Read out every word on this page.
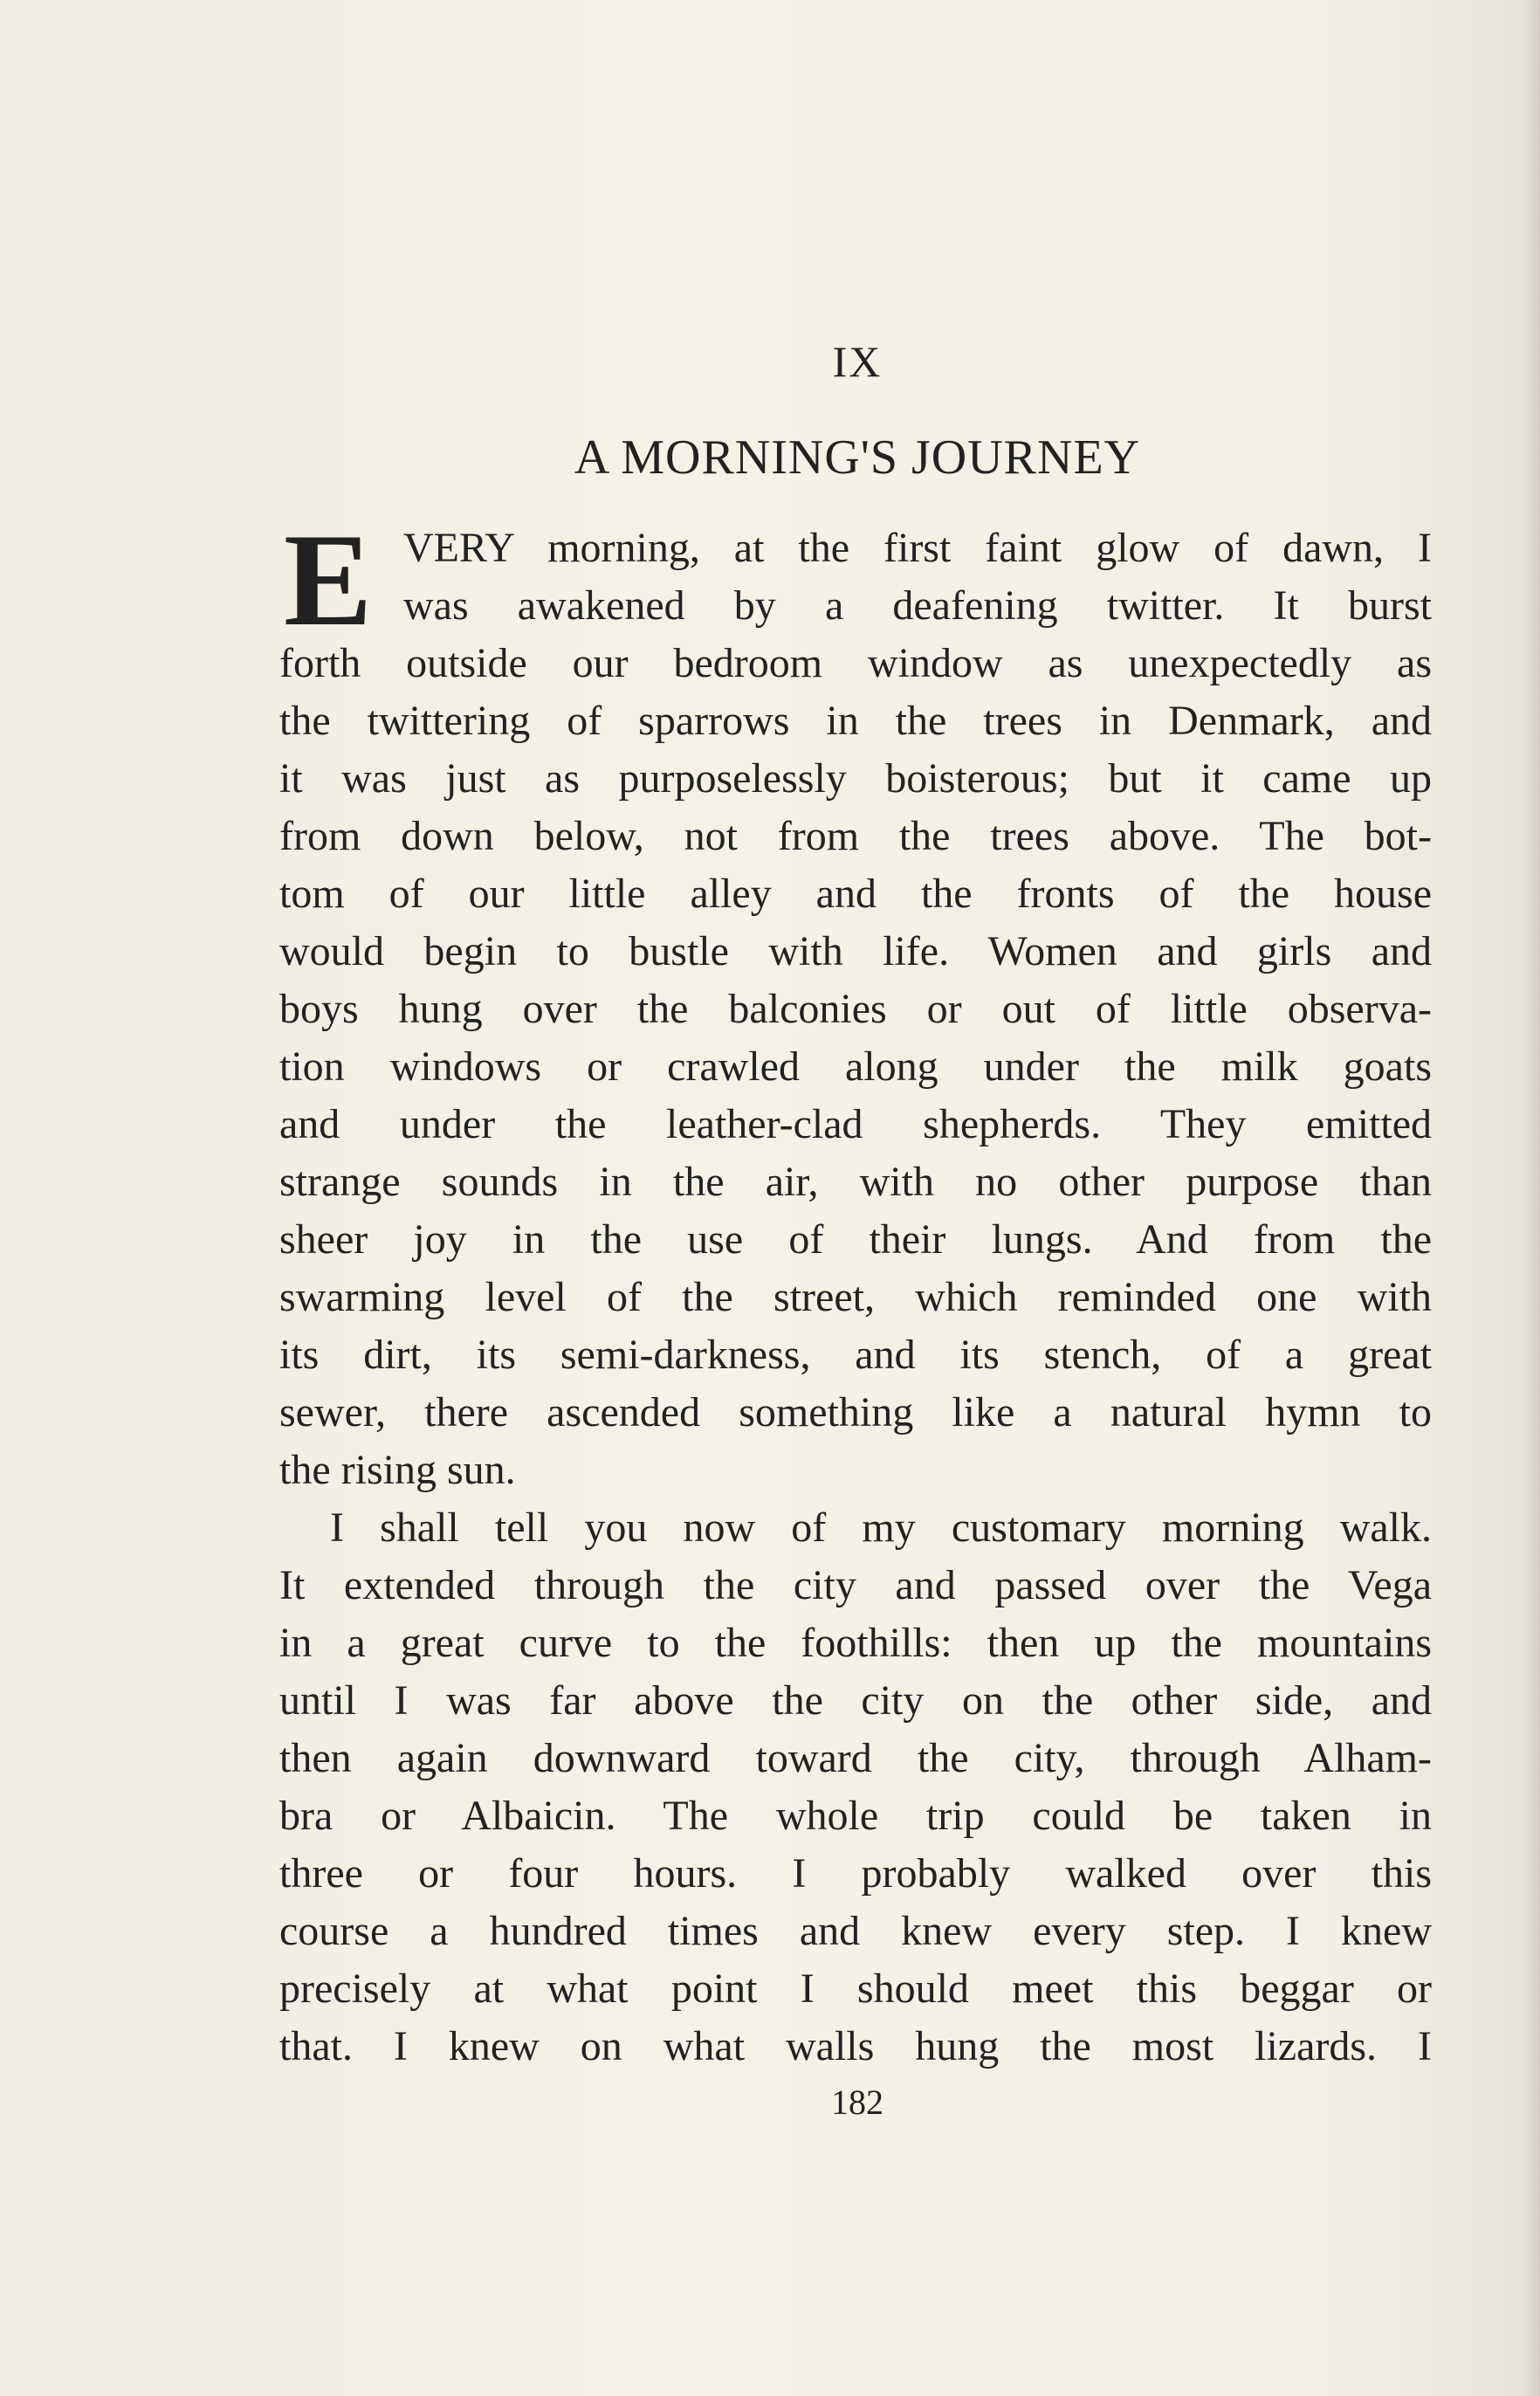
IX
A MORNING'S JOURNEY
E VERY morning, at the first faint glow of dawn, I
was awakened by a deafening twitter. It burst
forth outside our bedroom window as unexpectedly as
the twittering of sparrows in the trees in Denmark, and
it was just as purposelessly boisterous; but it came up
from down below, not from the trees above. The bot-
tom of our little alley and the fronts of the house
would begin to bustle with life. Women and girls and
boys hung over the balconies or out of little observa-
tion windows or crawled along under the milk goats
and under the leather-clad shepherds. They emitted
strange sounds in the air, with no other purpose than
sheer joy in the use of their lungs. And from the
swarming level of the street, which reminded one with
its dirt, its semi-darkness, and its stench, of a great
sewer, there ascended something like a natural hymn to
the rising sun.
I shall tell you now of my customary morning walk.
It extended through the city and passed over the Vega
in a great curve to the foothills: then up the mountains
until I was far above the city on the other side, and
then again downward toward the city, through Alham-
bra or Albaicin. The whole trip could be taken in
three or four hours. I probably walked over this
course a hundred times and knew every step. I knew
precisely at what point I should meet this beggar or
that. I knew on what walls hung the most lizards. I
182
